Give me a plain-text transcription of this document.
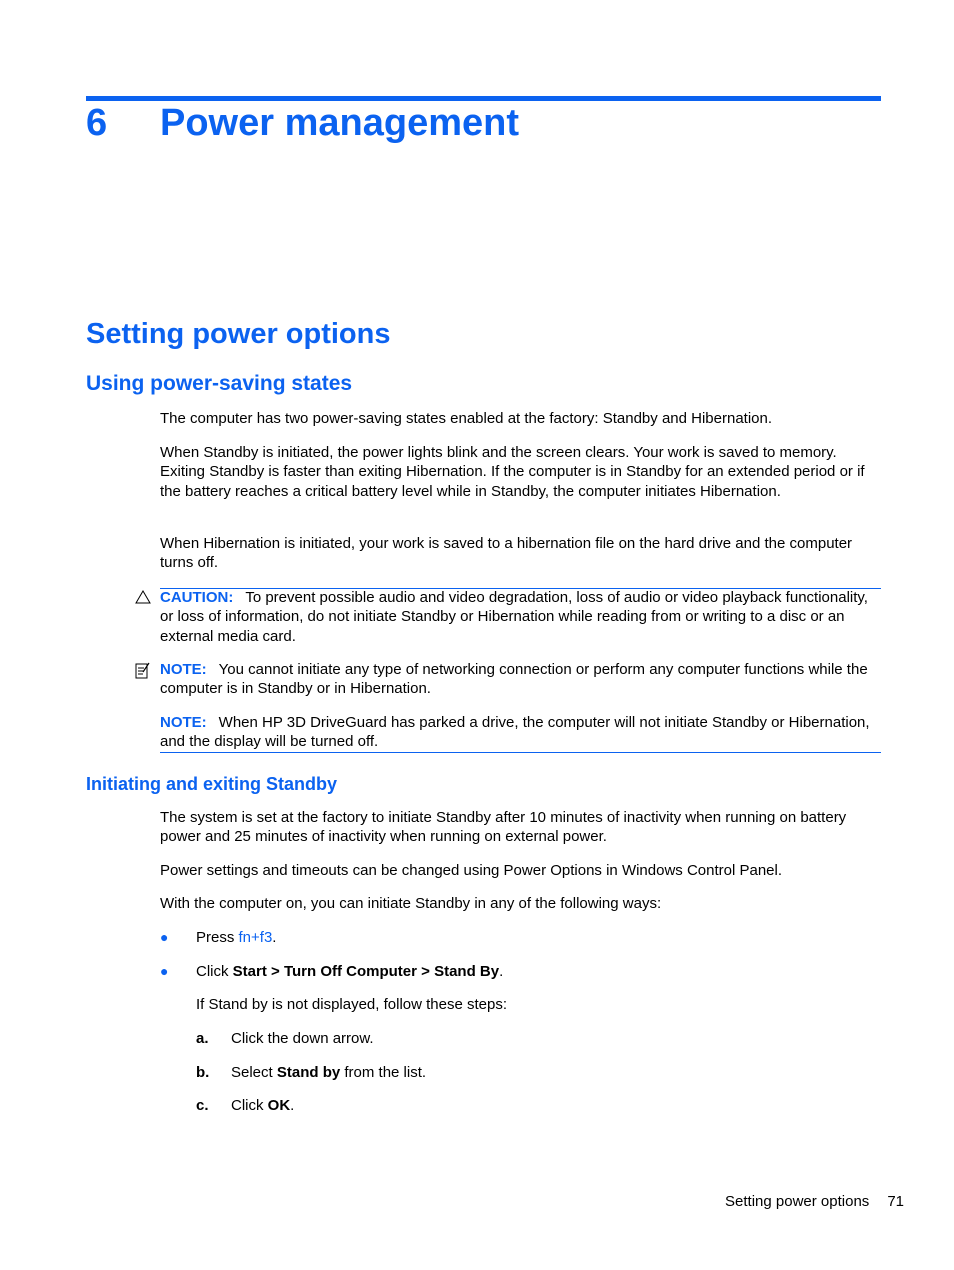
6 Power management
Setting power options
Using power-saving states
The computer has two power-saving states enabled at the factory: Standby and Hibernation.
When Standby is initiated, the power lights blink and the screen clears. Your work is saved to memory. Exiting Standby is faster than exiting Hibernation. If the computer is in Standby for an extended period or if the battery reaches a critical battery level while in Standby, the computer initiates Hibernation.
When Hibernation is initiated, your work is saved to a hibernation file on the hard drive and the computer turns off.
CAUTION: To prevent possible audio and video degradation, loss of audio or video playback functionality, or loss of information, do not initiate Standby or Hibernation while reading from or writing to a disc or an external media card.
NOTE: You cannot initiate any type of networking connection or perform any computer functions while the computer is in Standby or in Hibernation.
NOTE: When HP 3D DriveGuard has parked a drive, the computer will not initiate Standby or Hibernation, and the display will be turned off.
Initiating and exiting Standby
The system is set at the factory to initiate Standby after 10 minutes of inactivity when running on battery power and 25 minutes of inactivity when running on external power.
Power settings and timeouts can be changed using Power Options in Windows Control Panel.
With the computer on, you can initiate Standby in any of the following ways:
● Press fn+f3.
● Click Start > Turn Off Computer > Stand By.
If Stand by is not displayed, follow these steps:
a. Click the down arrow.
b. Select Stand by from the list.
c. Click OK.
Setting power options 71
